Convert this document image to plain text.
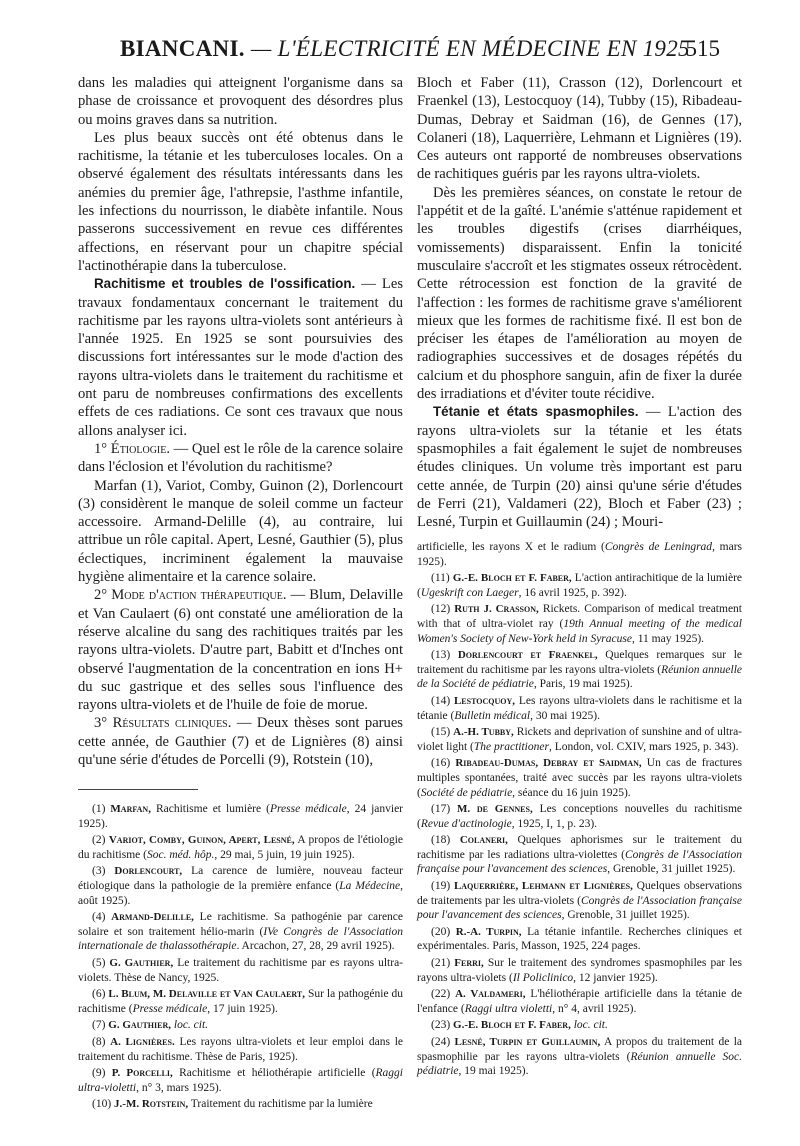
BIANCANI. — L'ÉLECTRICITÉ EN MÉDECINE EN 1925
515

dans les maladies qui atteignent l'organisme dans sa phase de croissance et provoquent des désordres plus ou moins graves dans sa nutrition.

Les plus beaux succès ont été obtenus dans le rachitisme, la tétanie et les tuberculoses locales. On a observé également des résultats intéressants dans les anémies du premier âge, l'athrepsie, l'asthme infantile, les infections du nourrisson, le diabète infantile. Nous passerons successivement en revue ces différentes affections, en réservant pour un chapitre spécial l'actinothérapie dans la tuberculose.

Rachitisme et troubles de l'ossification. — Les travaux fondamentaux concernant le traitement du rachitisme par les rayons ultra-violets sont antérieurs à l'année 1925. En 1925 se sont poursuivies des discussions fort intéressantes sur le mode d'action des rayons ultra-violets dans le traitement du rachitisme et ont paru de nombreuses confirmations des excellents effets de ces radiations. Ce sont ces travaux que nous allons analyser ici.

1° Étiologie. — Quel est le rôle de la carence solaire dans l'éclosion et l'évolution du rachitisme?

Marfan (1), Variot, Comby, Guinon (2), Dorlencourt (3) considèrent le manque de soleil comme un facteur accessoire. Armand-Delille (4), au contraire, lui attribue un rôle capital. Apert, Lesné, Gauthier (5), plus éclectiques, incriminent également la mauvaise hygiène alimentaire et la carence solaire.

2° Mode d'action thérapeutique. — Blum, Delaville et Van Caulaert (6) ont constaté une amélioration de la réserve alcaline du sang des rachitiques traités par les rayons ultra-violets. D'autre part, Babitt et d'Inches ont observé l'augmentation de la concentration en ions H+ du suc gastrique et des selles sous l'influence des rayons ultra-violets et de l'huile de foie de morue.

3° Résultats cliniques. — Deux thèses sont parues cette année, de Gauthier (7) et de Lignières (8) ainsi qu'une série d'études de Porcelli (9), Rotstein (10),

Bloch et Faber (11), Crasson (12), Dorlencourt et Fraenkel (13), Lestocquoy (14), Tubby (15), Ribadeau-Dumas, Debray et Saidman (16), de Gennes (17), Colaneri (18), Laquerrière, Lehmann et Lignières (19). Ces auteurs ont rapporté de nombreuses observations de rachitiques guéris par les rayons ultra-violets.

Dès les premières séances, on constate le retour de l'appétit et de la gaîté. L'anémie s'atténue rapidement et les troubles digestifs (crises diarrhéiques, vomissements) disparaissent. Enfin la tonicité musculaire s'accroît et les stigmates osseux rétrocèdent. Cette rétrocession est fonction de la gravité de l'affection : les formes de rachitisme grave s'améliorent mieux que les formes de rachitisme fixé. Il est bon de préciser les étapes de l'amélioration au moyen de radiographies successives et de dosages répétés du calcium et du phosphore sanguin, afin de fixer la durée des irradiations et d'éviter toute récidive.

Tétanie et états spasmophiles. — L'action des rayons ultra-violets sur la tétanie et les états spasmophiles a fait également le sujet de nombreuses études cliniques. Un volume très important est paru cette année, de Turpin (20) ainsi qu'une série d'études de Ferri (21), Valdameri (22), Bloch et Faber (23) ; Lesné, Turpin et Guillaumin (24) ; Mouri-

(1) Marfan, Rachitisme et lumière (Presse médicale, 24 janvier 1925).

(2) Variot, Comby, Guinon, Apert, Lesné, A propos de l'étiologie du rachitisme (Soc. méd. hôp., 29 mai, 5 juin, 19 juin 1925).

(3) Dorlencourt, La carence de lumière, nouveau facteur étiologique dans la pathologie de la première enfance (La Médecine, août 1925).

(4) Armand-Delille, Le rachitisme. Sa pathogénie par carence solaire et son traitement hélio-marin (IVe Congrès de l'Association internationale de thalassothérapie. Arcachon, 27, 28, 29 avril 1925).

(5) G. Gauthier, Le traitement du rachitisme par es rayons ultra-violets. Thèse de Nancy, 1925.

(6) L. Blum, M. Delaville et Van Caulaert, Sur la pathogénie du rachitisme (Presse médicale, 17 juin 1925).

(7) G. Gauthier, loc. cit.

(8) A. Lignières. Les rayons ultra-violets et leur emploi dans le traitement du rachitisme. Thèse de Paris, 1925).

(9) P. Porcelli, Rachitisme et héliothérapie artificielle (Raggi ultra-violetti, n° 3, mars 1925).

(10) J.-M. Rotstein, Traitement du rachitisme par la lumière

artificielle, les rayons X et le radium (Congrès de Leningrad, mars 1925).

(11) G.-E. Bloch et F. Faber, L'action antirachitique de la lumière (Ugeskrift con Laeger, 16 avril 1925, p. 392).

(12) Ruth J. Crasson, Rickets. Comparison of medical treatment with that of ultra-violet ray (19th Annual meeting of the medical Women's Society of New-York held in Syracuse, 11 may 1925).

(13) Dorlencourt et Fraenkel, Quelques remarques sur le traitement du rachitisme par les rayons ultra-violets (Réunion annuelle de la Société de pédiatrie, Paris, 19 mai 1925).

(14) Lestocquoy, Les rayons ultra-violets dans le rachitisme et la tétanie (Bulletin médical, 30 mai 1925).

(15) A.-H. Tubby, Rickets and deprivation of sunshine and of ultra-violet light (The practitioner, London, vol. CXIV, mars 1925, p. 343).

(16) Ribadeau-Dumas, Debray et Saidman, Un cas de fractures multiples spontanées, traité avec succès par les rayons ultra-violets (Société de pédiatrie, séance du 16 juin 1925).

(17) M. de Gennes, Les conceptions nouvelles du rachitisme (Revue d'actinologie, 1925, I, 1, p. 23).

(18) Colaneri, Quelques aphorismes sur le traitement du rachitisme par les radiations ultra-violettes (Congrès de l'Association française pour l'avancement des sciences, Grenoble, 31 juillet 1925).

(19) Laquerrière, Lehmann et Lignières, Quelques observations de traitements par les ultra-violets (Congrès de l'Association française pour l'avancement des sciences, Grenoble, 31 juillet 1925).

(20) R.-A. Turpin, La tétanie infantile. Recherches cliniques et expérimentales. Paris, Masson, 1925, 224 pages.

(21) Ferri, Sur le traitement des syndromes spasmophiles par les rayons ultra-violets (Il Policlinico, 12 janvier 1925).

(22) A. Valdameri, L'héliothérapie artificielle dans la tétanie de l'enfance (Raggi ultra violetti, n° 4, avril 1925).

(23) G.-E. Bloch et F. Faber, loc. cit.

(24) Lesné, Turpin et Guillaumin, A propos du traitement de la spasmophilie par les rayons ultra-violets (Réunion annuelle Soc. pédiatrie, 19 mai 1925).
